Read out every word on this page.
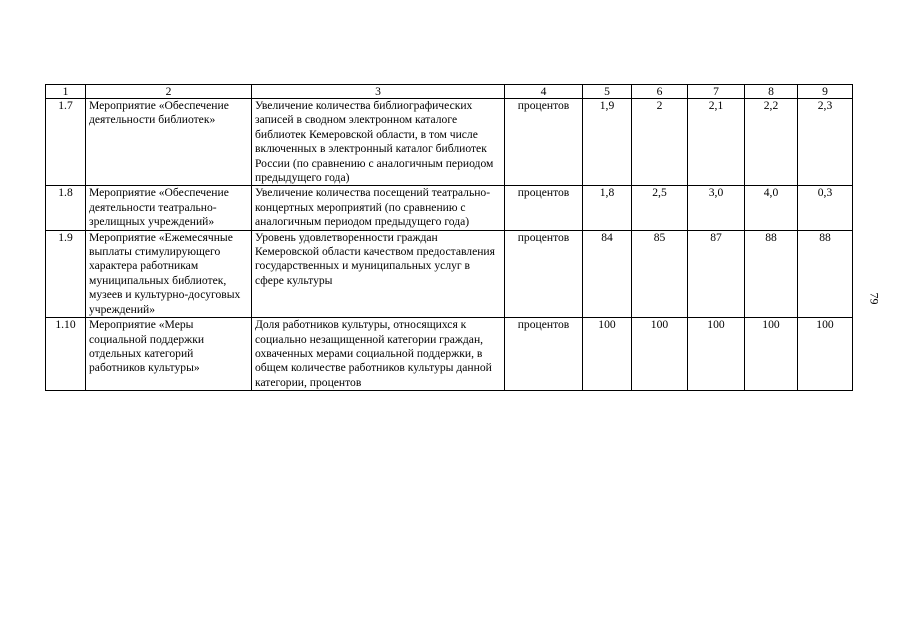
1	2	3	4	5	6	7	8	9
1.7	Мероприятие «Обеспечение деятельности библиотек»	Увеличение количества библиографических записей в сводном электронном каталоге библиотек Кемеровской области, в том числе включенных в электронный каталог библиотек России (по сравнению с аналогичным периодом предыдущего года)	процентов	1,9	2	2,1	2,2	2,3
1.8	Мероприятие «Обеспечение деятельности театрально-зрелищных учреждений»	Увеличение количества посещений театрально-концертных мероприятий (по сравнению с аналогичным периодом предыдущего года)	процентов	1,8	2,5	3,0	4,0	0,3
1.9	Мероприятие «Ежемесячные выплаты стимулирующего характера работникам муниципальных библиотек, музеев и культурно-досуговых учреждений»	Уровень удовлетворенности граждан Кемеровской области качеством предоставления государственных и муниципальных услуг в сфере культуры	процентов	84	85	87	88	88
1.10	Мероприятие «Меры социальной поддержки отдельных категорий работников культуры»	Доля работников культуры, относящихся к социально незащищенной категории граждан, охваченных мерами социальной поддержки, в общем количестве работников культуры данной категории, процентов	процентов	100	100	100	100	100
79
